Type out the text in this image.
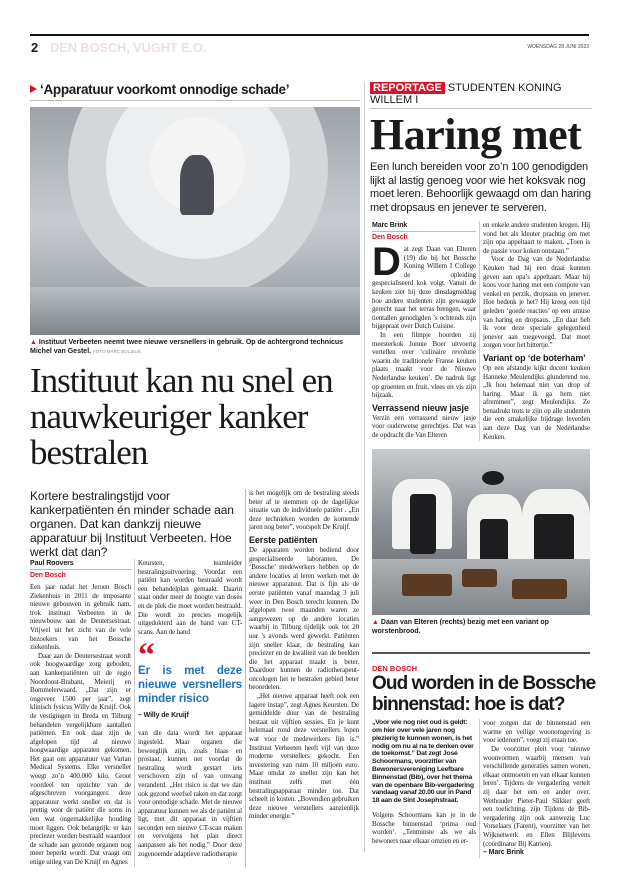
2 DEN BOSCH, VUGHT E.O.	WOENSDAG 28 JUNI 2023
‘Apparatuur voorkomt onnodige schade’
▲ Instituut Verbeeten neemt twee nieuwe versnellers in gebruik. Op de achtergrond technicus Michel van Gestel. FOTO MARC BOLSIUS
Instituut kan nu snel en nauwkeuriger kanker bestralen
Kortere bestralingstijd voor kankerpatiënten én minder schade aan organen. Dat kan dankzij nieuwe apparatuur bij Instituut Verbeeten. Hoe werkt dat dan?
Paul Roovers
Den Bosch

Een jaar nadat het Jeroen Bosch Ziekenhuis in 2011 de imposante nieuwe gebouwen in gebruik nam, trok instituut Verbeeten in de nieuwbouw aan de Deutersestraat. Vrijwel uit het zicht van de vele bezoekers van het Bossche ziekenhuis.

Daar aan de Deutersestraat wordt ook hoogwaardige zorg geboden, aan kankerpatiënten uit de regio Noordoost-Brabant, Meierij en Bommelerwaard. „Dat zijn er ongeveer 1500 per jaar”, zegt klinisch fysicus Willy de Kruijf. Ook de vestigingen in Breda en Tilburg behandelen vergelijkbare aantallen patiënten. En ook daar zijn de afgelopen tijd al nieuwe hoogwaardige apparaten gekomen. Het gaat om apparatuur van Varian Medical Systems. Elke versneller weegt zo’n 400.000 kilo. Groot voordeel ten opzichte van de afgeschreven voorgangers: deze apparatuur werkt sneller en dat is prettig voor de patiënt die soms in een wat ongemakkelijke houding moet liggen. Ook belangrijk: er kan preciezer worden bestraald waardoor de schade aan gezonde organen nog meer beperkt wordt. Dat vraagt om enige uitleg van De Kruijf en Agnes

Keursten, teamleider bestralingsuitvoering. Voordat een patiënt kan worden bestraald wordt een behandelplan gemaakt. Daarin staat onder meer de hoogte van doses en de plek die moet worden bestraald. Die wordt zo precies mogelijk uitgedokterd aan de hand van CT-scans. Aan de hand

“
Er is met deze nieuwe versnellers minder risico
– Willy de Kruijf

van die data wordt het apparaat ingesteld. Maar organen die beweeglijk zijn, zoals blaas en prostaat, kunnen net voordat de bestraling wordt gestart iets verschoven zijn of van omvang veranderd. „Het risico is dat we dan ook gezond weefsel raken en dat zorgt voor onnodige schade. Met de nieuwe apparatuur kunnen we als de patiënt al ligt, met dit apparaat in vijftien seconden een nieuwe CT-scan maken en vervolgens het plan direct aanpassen als het nodig.” Door deze zogenoemde adaptieve radiotherapie

is het mogelijk om de bestraling steeds beter af te stemmen op de dagelijkse situatie van de individuele patiënt . „En deze technieken worden de komende jaren nog beter”, voorspelt De Kruijf.

Eerste patiënten

De apparaten worden bediend door gespecialiseerde laboranten. De ‘Bossche’ medewerkers hebben op de andere locaties al leren werken met de nieuwe apparatuur. Dat is fijn als de eerste patiënten vanaf maandag 3 juli weer in Den Bosch terecht kunnen. De afgelopen twee maanden waren ze aangewezen op de andere locaties waarbij in Tilburg tijdelijk ook tot 20 uur ’s avonds werd gewerkt. Patiënten zijn sneller klaar, de bestraling kan preciezer en de kwaliteit van de beelden die het apparaat maakt is beter. Daardoor kunnen de radiotherapeut-oncologen het te bestralen gebied beter beoordelen.

„Het nieuwe apparaat heeft ook een lagere instap”, zegt Agnes Keursten. De gemiddelde duur van de bestraling bestaat uit vijftien sessies. En je kunt helemaal rond deze versnellers lopen wat voor de medewerkers fijn is.” Instituut Verbeeten heeft vijf van deze moderne versnellers gekocht. Een investering van ruim 10 miljoen euro. Maar omdat ze sneller zijn kan het instituut zelfs met één bestralingsapparaat minder toe. Dat scheelt in kosten. „Bovendien gebruiken deze nieuwe versnellers aanzienlijk minder energie.”

REPORTAGE STUDENTEN KONING WILLEM I
Haring met
Een lunch bereiden voor zo’n 100 genodigden lijkt al lastig genoeg voor wie het koksvak nog moet leren. Behoorlijk gewaagd om dan haring met dropsaus en jenever te serveren.
Marc Brink
Den Bosch
D at zegt Daan van Elteren (19) die bij het Bossche Koning Willem I College de opleiding gespecialiseerd kok volgt. Vanuit de keuken ziet hij deze dinsdagmiddag hoe andere studenten zijn gewaagde gerecht naar het terras brengen, waar tientallen genodigden ’s ochtends zijn bijgepraat over Dutch Cuisine.

In een filmpje hoorden zij meesterkok Jonnie Boer uitvoerig vertellen over ‘culinaire revolutie waarin de traditionele Franse keuken plaats maakt voor de Nieuwe Nederlandse keuken’. De nadruk ligt op groenten en fruit, vlees en vis zijn bijzaak.

Verrassend nieuw jasje

Verzin een verrassend nieuw jasje voor ouderwetse gerechtjes. Dat was de opdracht die Van Elteren

en enkele andere studenten kregen. Hij vond het als kleuter prachtig om met zijn opa appeltaart te maken. „Toen is de passie voor koken ontstaan.”

Voor de Dag van de Nederlandse Keuken had hij een draai kunnen geven aan opa’s appeltaart. Maar hij koos voor haring met een compote van venkel en perzik, dropsaus en jenever. Hoe bedenk je het? Hij kreeg een tijd geleden ‘goede reacties’ op een amuse van haring en dropsaus. „En daar heb ik voor deze speciale gelegenheid jenever aan toegevoegd. Dat moet zorgen voor het bittertje.”

Variant op ‘de boterham’

Op een afstandje kijkt docent keuken Hanneke Meulendijks glunderend toe. „Ik hou helemaal niet van drop of haring. Maar ik ga hem niet afremmen”, zegt Meulendijks. Ze benadrukt trots te zijn op alle studenten die een smakelijke bijdrage leverden aan deze Dag van de Nederlandse Keuken.

▲ Daan van Elteren (rechts) bezig met een variant op worstenbrood.
DEN BOSCH
Oud worden in de Bossche binnenstad: hoe is dat?

„Voor wie nog niet oud is geldt: om hier over vele jaren nog plezierig te kunnen wonen, is het nodig om nu al na te denken over de toekomst.” Dat zegt José Schoormans, voorzitter van Bewonersvereniging Leefbare Binnenstad (Bib), over het thema van de openbare Bib-vergadering vandaag vanaf 20.00 uur in Pand 18 aan de Sint Josephstraat.

Volgens Schoormans kan je in de Bossche binnenstad ‘prima oud worden’. „Tenminste als we als bewoners naar elkaar omzien en er-

voor zorgen dat de binnenstad een warme en veilige woonomgeving is voor iedereen”, voegt zij eraan toe.

De voorzitter pleit voor ‘nieuwe woonvormen waarbij mensen van verschillende generaties samen wonen, elkaar ontmoeten en van elkaar kunnen leren’. Tijdens de vergadering vertelt zij daar het een en ander over. Wethouder Pieter-Paul Slikker geeft een toelichting. zijn Tijdens de Bib-vergadering zijn ook aanwezig Luc Vorselaars (Farent), voorzitter van het Wijknetwerk en Ellen Blijlevens (coördinator Bij Katrien).

– Marc Brink
